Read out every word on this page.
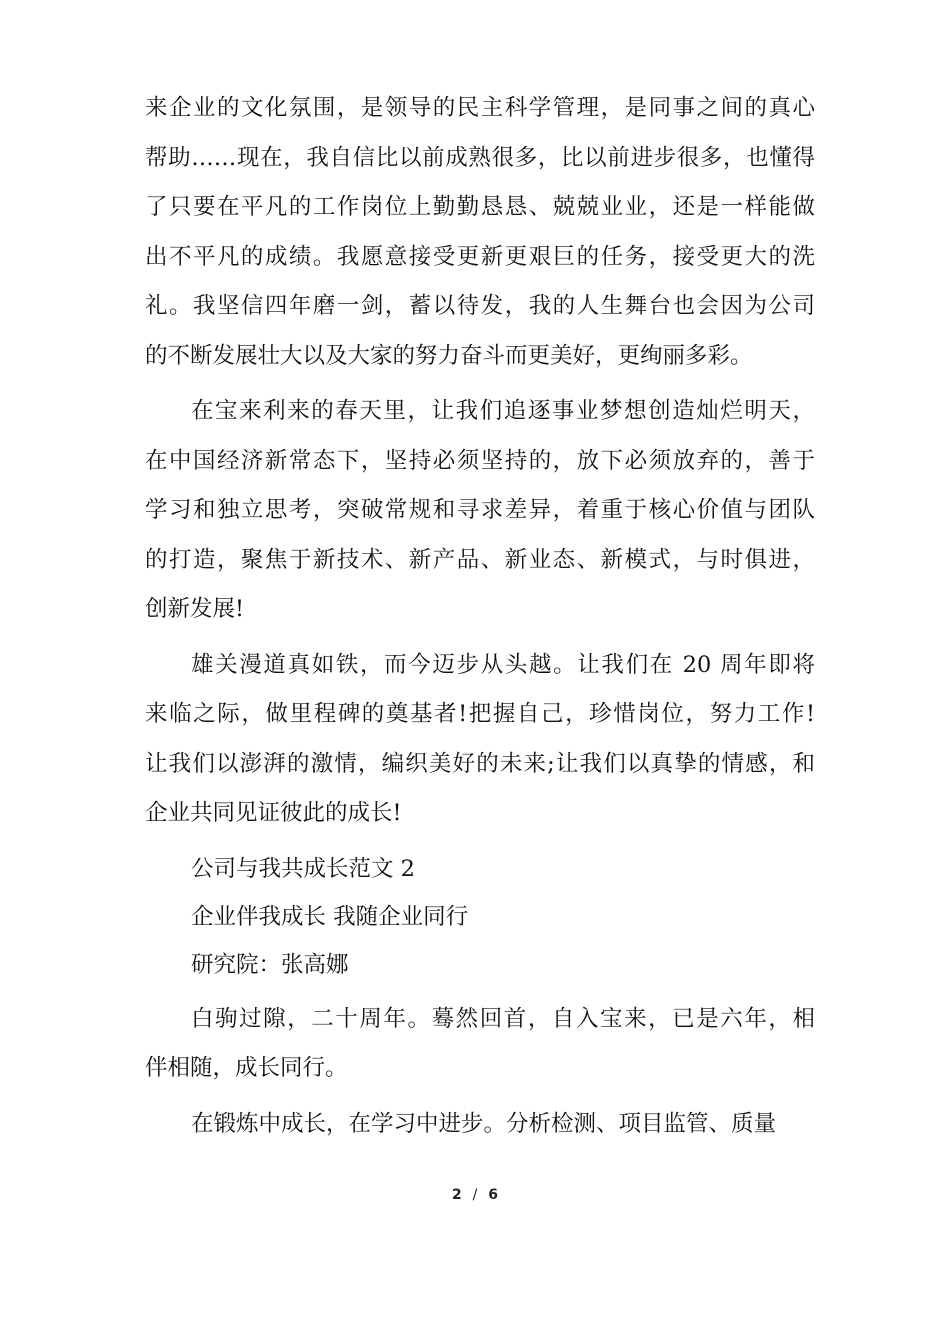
来企业的文化氛围，是领导的民主科学管理，是同事之间的真心
帮助……现在，我自信比以前成熟很多，比以前进步很多，也懂得
了只要在平凡的工作岗位上勤勤恳恳、兢兢业业，还是一样能做
出不平凡的成绩。我愿意接受更新更艰巨的任务，接受更大的洗
礼。我坚信四年磨一剑，蓄以待发，我的人生舞台也会因为公司
的不断发展壮大以及大家的努力奋斗而更美好，更绚丽多彩。
在宝来利来的春天里，让我们追逐事业梦想创造灿烂明天，
在中国经济新常态下，坚持必须坚持的，放下必须放弃的，善于
学习和独立思考，突破常规和寻求差异，着重于核心价值与团队
的打造，聚焦于新技术、新产品、新业态、新模式，与时俱进，
创新发展!
雄关漫道真如铁，而今迈步从头越。让我们在 20 周年即将
来临之际，做里程碑的奠基者!把握自己，珍惜岗位，努力工作!
让我们以澎湃的激情，编织美好的未来;让我们以真挚的情感，和
企业共同见证彼此的成长!
公司与我共成长范文 2
企业伴我成长 我随企业同行
研究院：张高娜
白驹过隙，二十周年。蓦然回首，自入宝来，已是六年，相
伴相随，成长同行。
在锻炼中成长，在学习中进步。分析检测、项目监管、质量
2 / 6
